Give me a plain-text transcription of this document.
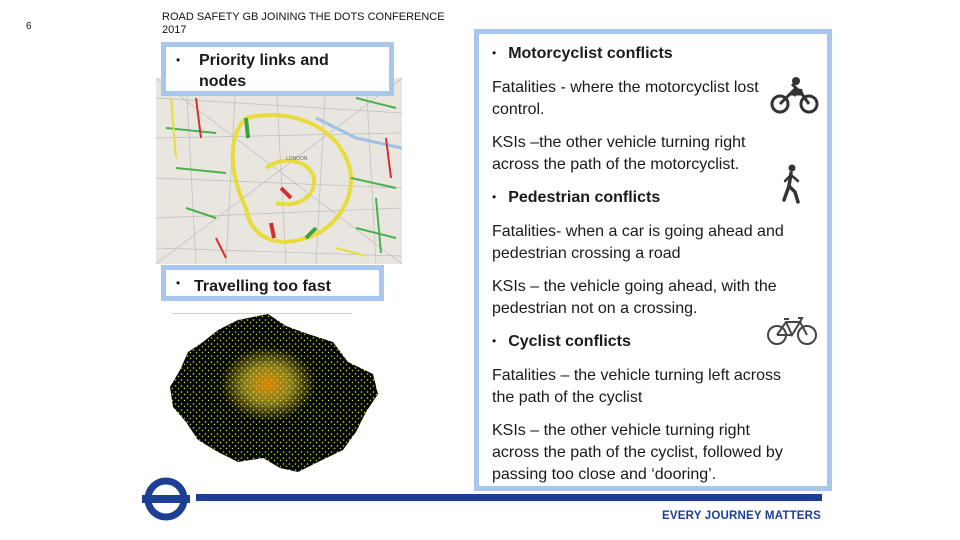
6
ROAD SAFETY GB JOINING THE DOTS CONFERENCE 2017
LONDON
• Priority links and
nodes
• Travelling too fast
• Motorcyclist conflicts
Fatalities - where the motorcyclist lost
control.
KSIs –the other vehicle turning right
across the path of the motorcyclist.
• Pedestrian conflicts
Fatalities- when a car is going ahead and
pedestrian crossing a road
KSIs – the vehicle going ahead, with the
pedestrian not on a crossing.
• Cyclist conflicts
Fatalities – the vehicle turning left across
the path of the cyclist
KSIs – the other vehicle turning right
across the path of the cyclist, followed by
passing too close and ‘dooring’.
EVERY JOURNEY MATTERS
